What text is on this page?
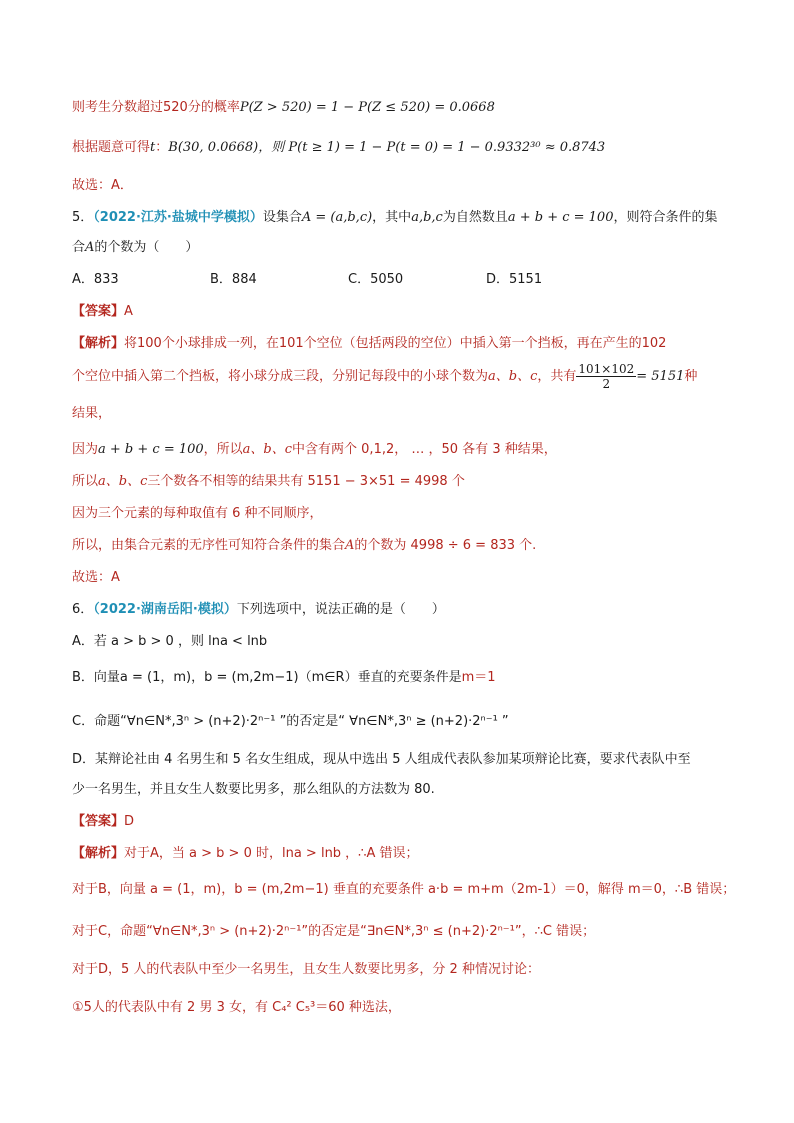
则考生分数超过520分的概率P(Z > 520) = 1 − P(Z ≤ 520) = 0.0668
根据题意可得t：B(30, 0.0668)，则 P(t ≥ 1) = 1 − P(t = 0) = 1 − 0.9332³⁰ ≈ 0.8743
故选：A．
5．（2022·江苏·盐城中学模拟）设集合A = (a,b,c)，其中a,b,c为自然数且a + b + c = 100，则符合条件的集
合A的个数为（　　）
A．833	B．884	C．5050	D．5151
【答案】A
【解析】将100个小球排成一列，在101个空位（包括两段的空位）中插入第一个挡板，再在产生的102
个空位中插入第二个挡板，将小球分成三段，分别记每段中的小球个数为a、b、c，共有 $\frac{101\times 102}{2} = 5151$种
结果，
因为a + b + c = 100，所以a、b、c中含有两个 0,1,2， … ，50 各有 3 种结果，
所以a、b、c三个数各不相等的结果共有 5151 − 3×51 = 4998 个
因为三个元素的每种取值有 6 种不同顺序，
所以，由集合元素的无序性可知符合条件的集合A的个数为 4998 ÷ 6 = 833 个.
故选：A
6．（2022·湖南岳阳·模拟）下列选项中，说法正确的是（　　）
A．若 a > b > 0 ，则 lna < lnb
B．向量a = (1，m)，b = (m,2m−1)（m∈R）垂直的充要条件是m＝1
C．命题“∀n∈N*,3ⁿ > (n+2)·2ⁿ⁻¹ ”的否定是“ ∀n∈N*,3ⁿ ≥ (n+2)·2ⁿ⁻¹ ”
D．某辩论社由 4 名男生和 5 名女生组成，现从中选出 5 人组成代表队参加某项辩论比赛，要求代表队中至
少一名男生，并且女生人数要比男多，那么组队的方法数为 80.
【答案】D
【解析】对于A，当 a > b > 0 时，lna > lnb ，∴A 错误；
对于B，向量 a = (1，m)，b = (m,2m−1) 垂直的充要条件 a·b = m+m（2m-1）＝0，解得 m＝0，∴B 错误；
对于C，命题“∀n∈N*,3ⁿ > (n+2)·2ⁿ⁻¹”的否定是“∃n∈N*,3ⁿ ≤ (n+2)·2ⁿ⁻¹”，∴C 错误；
对于D，5 人的代表队中至少一名男生，且女生人数要比男多，分 2 种情况讨论：
①5人的代表队中有 2 男 3 女，有 C₄² C₅³＝60 种选法，
